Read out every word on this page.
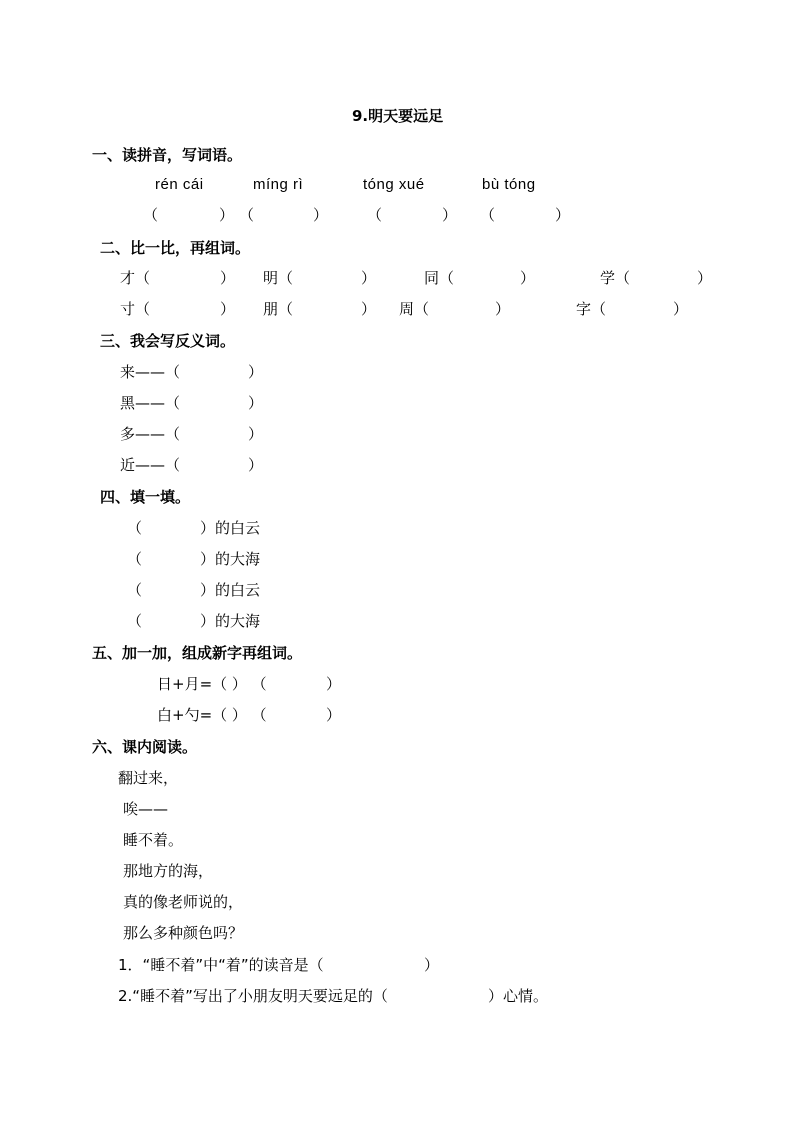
9.明天要远足
一、读拼音，写词语。
rén cái	míng rì	tóng xué	bù tóng
（	） （	）	（	） （	）
二、比一比，再组词。
才（	） 明（	）	同（	）	学（	）
寸（	） 朋（	） 周（	）	字（	）
三、我会写反义词。
来——（	）
黑——（	）
多——（	）
近——（	）
四、填一填。
（	）的白云
（	）的大海
（	）的白云
（	）的大海
五、加一加，组成新字再组词。
日+月=（ ） （	）
白+勺=（ ） （	）
六、课内阅读。
翻过来，
唉——
睡不着。
那地方的海，
真的像老师说的，
那么多种颜色吗？
1．“睡不着”中“着”的读音是（	）
2.“睡不着”写出了小朋友明天要远足的（	）心情。
